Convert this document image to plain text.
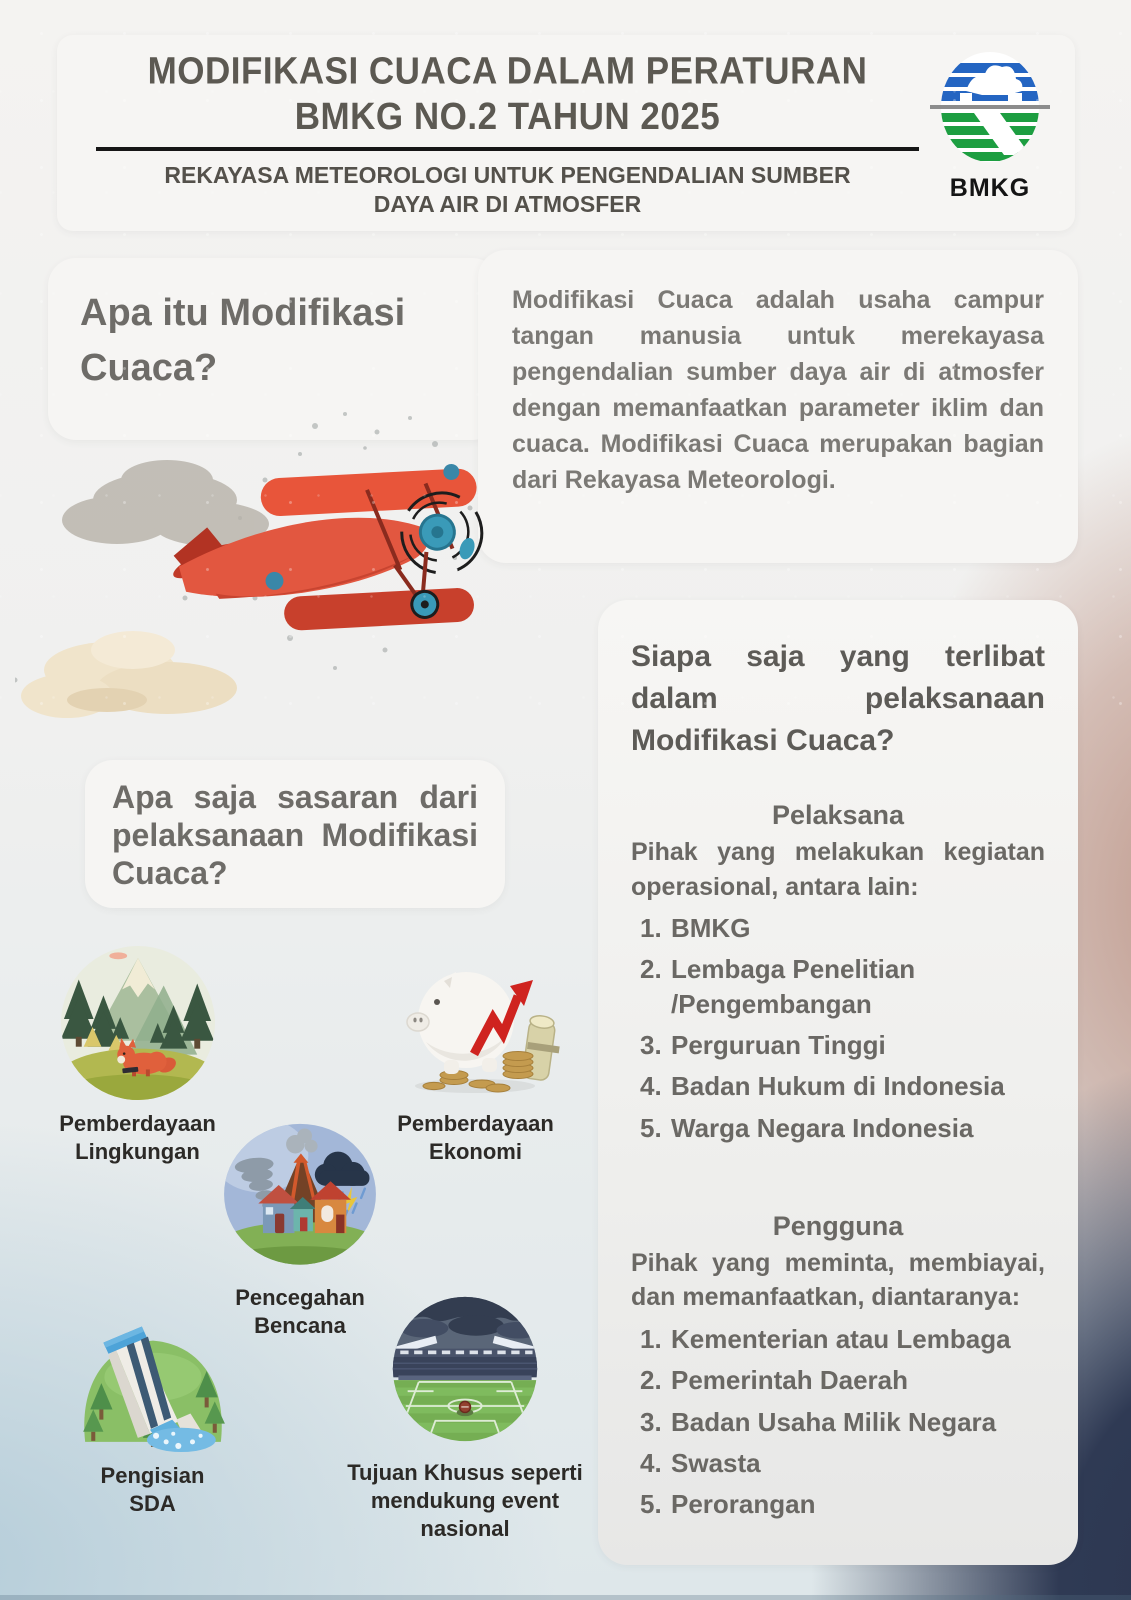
MODIFIKASI CUACA DALAM PERATURAN BMKG NO.2 TAHUN 2025
REKAYASA METEOROLOGI UNTUK PENGENDALIAN SUMBER DAYA AIR DI ATMOSFER
BMKG
Apa itu Modifikasi Cuaca?

Modifikasi Cuaca adalah usaha campur tangan manusia untuk merekayasa pengendalian sumber daya air di atmosfer dengan memanfaatkan parameter iklim dan cuaca. Modifikasi Cuaca merupakan bagian dari Rekayasa Meteorologi.

Siapa saja yang terlibat dalam pelaksanaan Modifikasi Cuaca?
Pelaksana

Pihak yang melakukan kegiatan operasional, antara lain:

BMKG
Lembaga Penelitian /Pengembangan
Perguruan Tinggi
Badan Hukum di Indonesia
Warga Negara Indonesia
Pengguna

Pihak yang meminta, membiayai, dan memanfaatkan, diantaranya:

Kementerian atau Lembaga
Pemerintah Daerah
Badan Usaha Milik Negara
Swasta
Perorangan
Apa saja sasaran dari pelaksanaan Modifikasi Cuaca?
Pemberdayaan Lingkungan
Pemberdayaan Ekonomi
Pencegahan Bencana
Pengisian SDA
Tujuan Khusus seperti mendukung event nasional
